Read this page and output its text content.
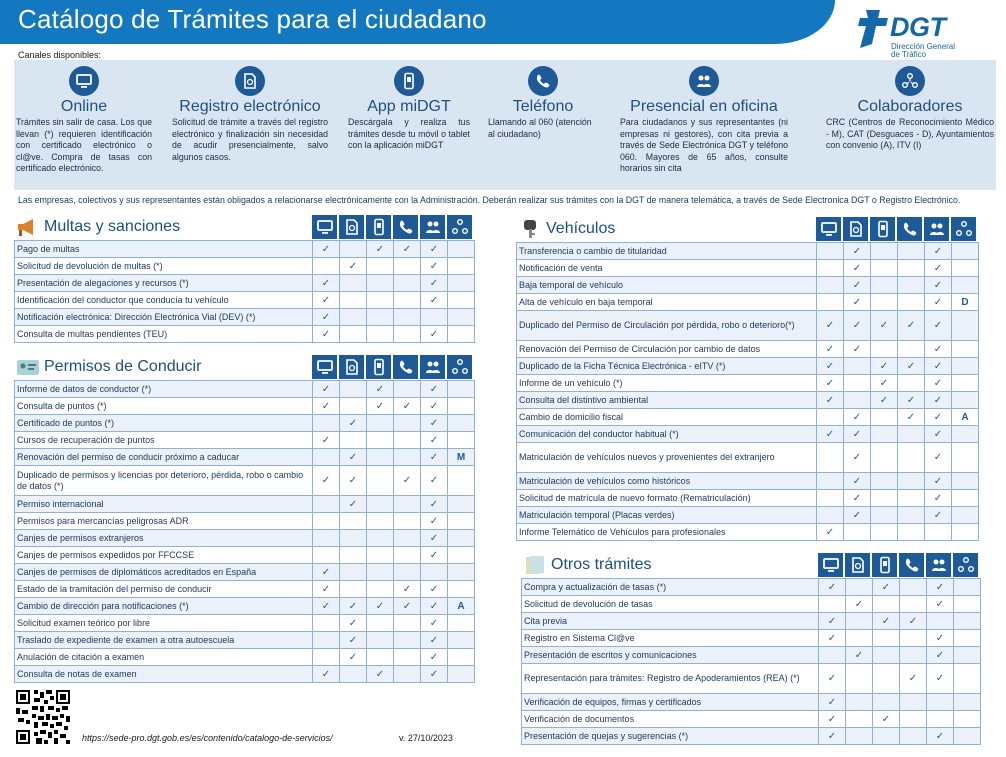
Catálogo de Trámites para el ciudadano	DGT
Dirección General
de Tráfico
Canales disponibles:
Online
Trámites sin salir de casa. Los que llevan (*) requieren identificación con certificado electrónico o cl@ve. Compra de tasas con certificado electrónico.
Registro electrónico
Solicitud de trámite a través del registro electrónico y finalización sin necesidad de acudir presencialmente, salvo algunos casos.
App miDGT
Descárgala y realiza tus trámites desde tu móvil o tablet con la aplicación miDGT
Teléfono
Llamando al 060 (atención al ciudadano)
Presencial en oficina
Para ciudadanos y sus representantes (ni empresas ni gestores), con cita previa a través de Sede Electrónica DGT y teléfono 060. Mayores de 65 años, consulte horarios sin cita
Colaboradores
CRC (Centros de Reconocimiento Médico - M), CAT (Desguaces - D), Ayuntamientos con convenio (A), ITV (I)
Las empresas, colectivos y sus representantes están obligados a relacionarse electrónicamente con la Administración. Deberán realizar sus trámites con la DGT de manera telemática, a través de Sede Electronica DGT o Registro Electrónico.
Multas y sanciones
Pago de multas	✓		✓	✓	✓	
Solicitud de devolución de multas (*)		✓			✓	
Presentación de alegaciones y recursos (*)	✓				✓	
Identificación del conductor que conducía tu vehículo	✓				✓	
Notificación electrónica: Dirección Electrónica Vial (DEV) (*)	✓					
Consulta de multas pendientes (TEU)	✓				✓	
Permisos de Conducir
Informe de datos de conductor (*)	✓		✓		✓	
Consulta de puntos (*)	✓		✓	✓	✓	
Certificado de puntos (*)		✓			✓	
Cursos de recuperación de puntos	✓				✓	
Renovación del permiso de conducir próximo a caducar		✓			✓	M
Duplicado de permisos y licencias por deterioro, pérdida, robo o cambio de datos (*)	✓	✓		✓	✓	
Permiso internacional		✓			✓	
Permisos para mercancías peligrosas ADR					✓	
Canjes de permisos extranjeros					✓	
Canjes de permisos expedidos por FFCCSE					✓	
Canjes de permisos de diplomáticos acreditados en España	✓					
Estado de la tramitación del permiso de conducir	✓			✓	✓	
Cambio de dirección para notificaciones (*)	✓	✓	✓	✓	✓	A
Solicitud examen teórico por libre		✓			✓	
Traslado de expediente de examen a otra autoescuela		✓			✓	
Anulación de citación a examen		✓			✓	
Consulta de notas de examen	✓		✓		✓	
Vehículos
Transferencia o cambio de titularidad		✓			✓	
Notificación de venta		✓			✓	
Baja temporal de vehículo		✓			✓	
Alta de vehículo en baja temporal		✓			✓	D
Duplicado del Permiso de Circulación por pérdida, robo o deterioro(*)	✓	✓	✓	✓	✓	
Renovación del Permiso de Circulación por cambio de datos	✓	✓			✓	
Duplicado de la Ficha Técnica Electrónica - eITV (*)	✓		✓	✓	✓	
Informe de un vehículo (*)	✓		✓		✓	
Consulta del distintivo ambiental	✓		✓	✓	✓	
Cambio de domicilio fiscal		✓		✓	✓	A
Comunicación del conductor habitual (*)	✓	✓			✓	
Matriculación de vehículos nuevos y provenientes del extranjero		✓			✓	
Matriculación de vehículos como históricos		✓			✓	
Solicitud de matrícula de nuevo formato (Rematriculación)		✓			✓	
Matriculación temporal (Placas verdes)		✓			✓	
Informe Telemático de Vehículos para profesionales	✓					
Otros trámites
Compra y actualización de tasas (*)	✓		✓		✓	
Solicitud de devolución de tasas		✓			✓	
Cita previa	✓		✓	✓		
Registro en Sistema Cl@ve	✓				✓	
Presentación de escritos y comunicaciones		✓			✓	
Representación para trámites: Registro de Apoderamientos (REA) (*)	✓			✓	✓	
Verificación de equipos, firmas y certificados	✓					
Verificación de documentos	✓		✓			
Presentación de quejas y sugerencias (*)	✓				✓	
https://sede-pro.dgt.gob.es/es/contenido/catalogo-de-servicios/	v. 27/10/2023
